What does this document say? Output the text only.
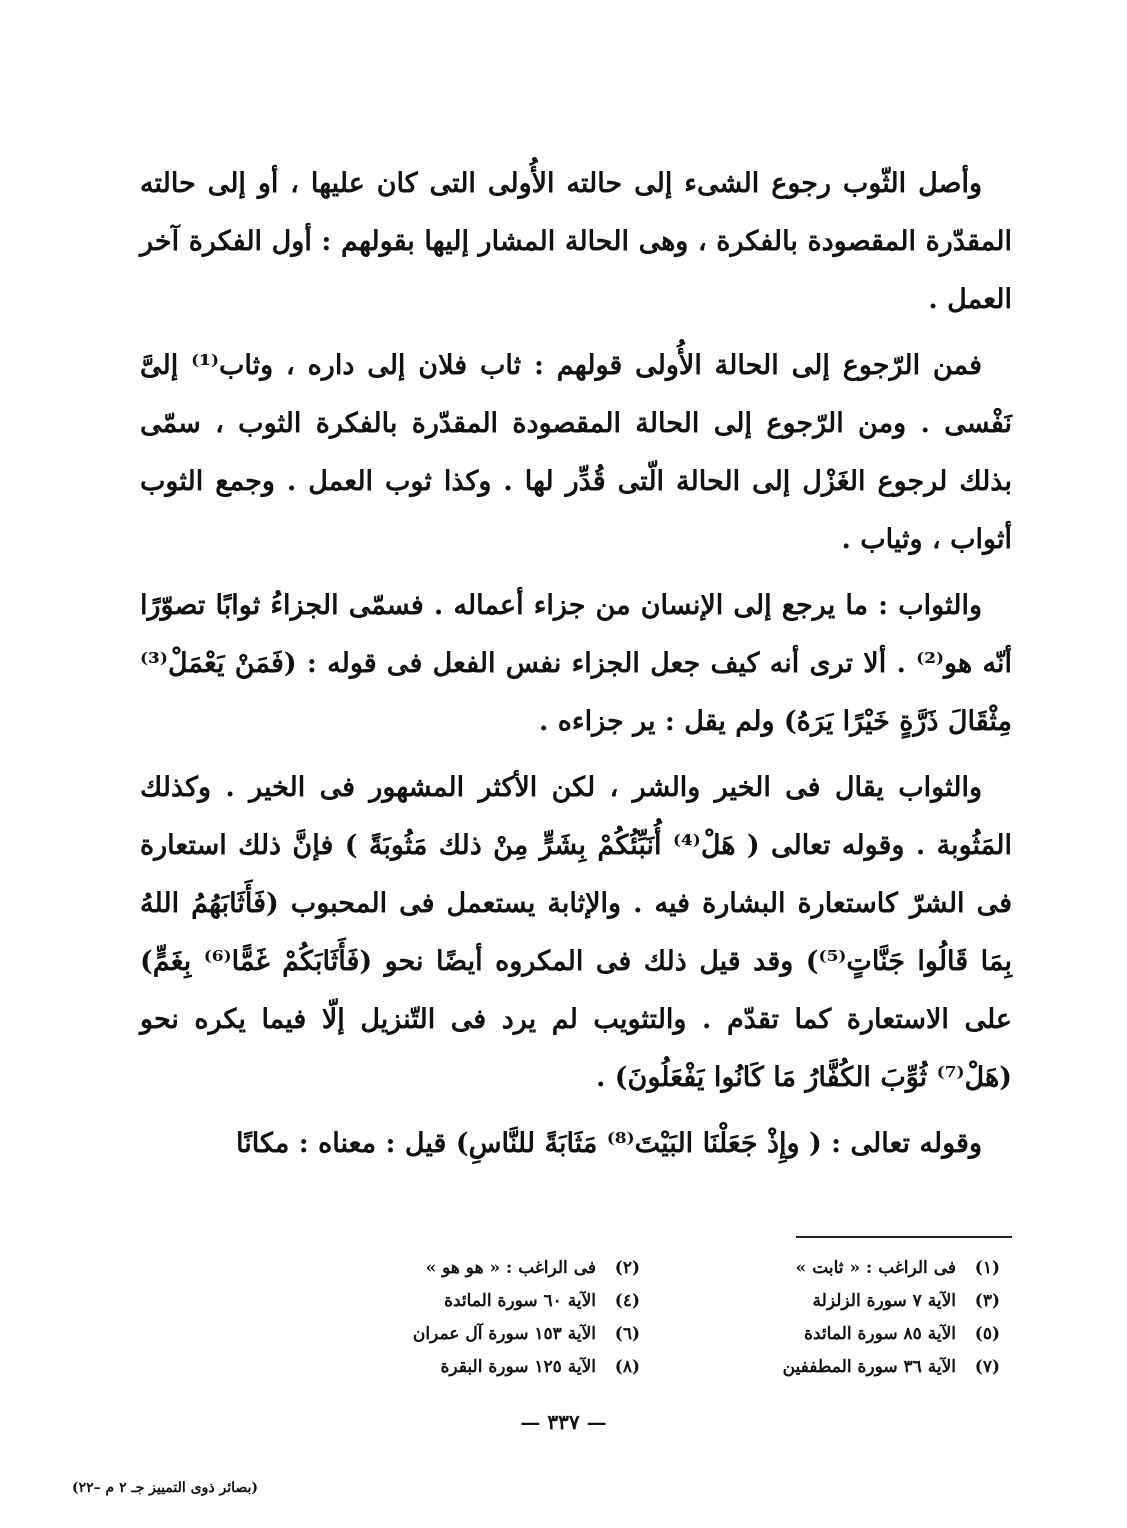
وأصل الثّوب رجوع الشىء إلى حالته الأُولى التى كان عليها ، أو إلى حالته المقدّرة المقصودة بالفكرة ، وهى الحالة المشار إليها بقولهم : أول الفكرة آخر العمل .

فمن الرّجوع إلى الحالة الأُولى قولهم : ثاب فلان إلى داره ، وثاب⁽¹⁾ إلىَّ نَفْسى . ومن الرّجوع إلى الحالة المقصودة المقدّرة بالفكرة الثوب ، سمّى بذلك لرجوع الغَزْل إلى الحالة الّتى قُدِّر لها . وكذا ثوب العمل . وجمع الثوب أثواب ، وثياب .

والثواب : ما يرجع إلى الإنسان من جزاء أعماله . فسمّى الجزاءُ ثوابًا تصوّرًا أنّه هو⁽²⁾ . ألا ترى أنه كيف جعل الجزاء نفس الفعل فى قوله : (فَمَنْ يَعْمَلْ⁽³⁾ مِثْقَالَ ذَرَّةٍ خَيْرًا يَرَهُ) ولم يقل : ير جزاءه .

والثواب يقال فى الخير والشر ، لكن الأكثر المشهور فى الخير . وكذلك المَثُوبة . وقوله تعالى ( هَلْ⁽⁴⁾ أُنَبِّئُكُمْ بِشَرٍّ مِنْ ذلك مَثُوبَةً ) فإنَّ ذلك استعارة فى الشرّ كاستعارة البشارة فيه . والإثابة يستعمل فى المحبوب (فَأَثَابَهُمُ اللهُ بِمَا قَالُوا جَنَّاتٍ⁽⁵⁾) وقد قيل ذلك فى المكروه أيضًا نحو (فَأَثَابَكُمْ غَمًّا⁽⁶⁾ بِغَمٍّ) على الاستعارة كما تقدّم . والتثويب لم يرد فى التّنزيل إلّا فيما يكره نحو (هَلْ⁽⁷⁾ ثُوِّبَ الكُفَّارُ مَا كَانُوا يَفْعَلُونَ) .

وقوله تعالى : ( وإِذْ جَعَلْنَا البَيْتَ⁽⁸⁾ مَثَابَةً للنَّاسِ) قيل : معناه : مكانًا

(١)
فى الراغب : « ثابت »
(٢)
فى الراغب : « هو هو »
(٣)
الآية ٧ سورة الزلزلة
(٤)
الآية ٦٠ سورة المائدة
(٥)
الآية ٨٥ سورة المائدة
(٦)
الآية ١٥٣ سورة آل عمران
(٧)
الآية ٣٦ سورة المطففين
(٨)
الآية ١٢٥ سورة البقرة
— ٣٣٧ —
(بصائر ذوى التمييز جـ ٢ م –٢٢)
